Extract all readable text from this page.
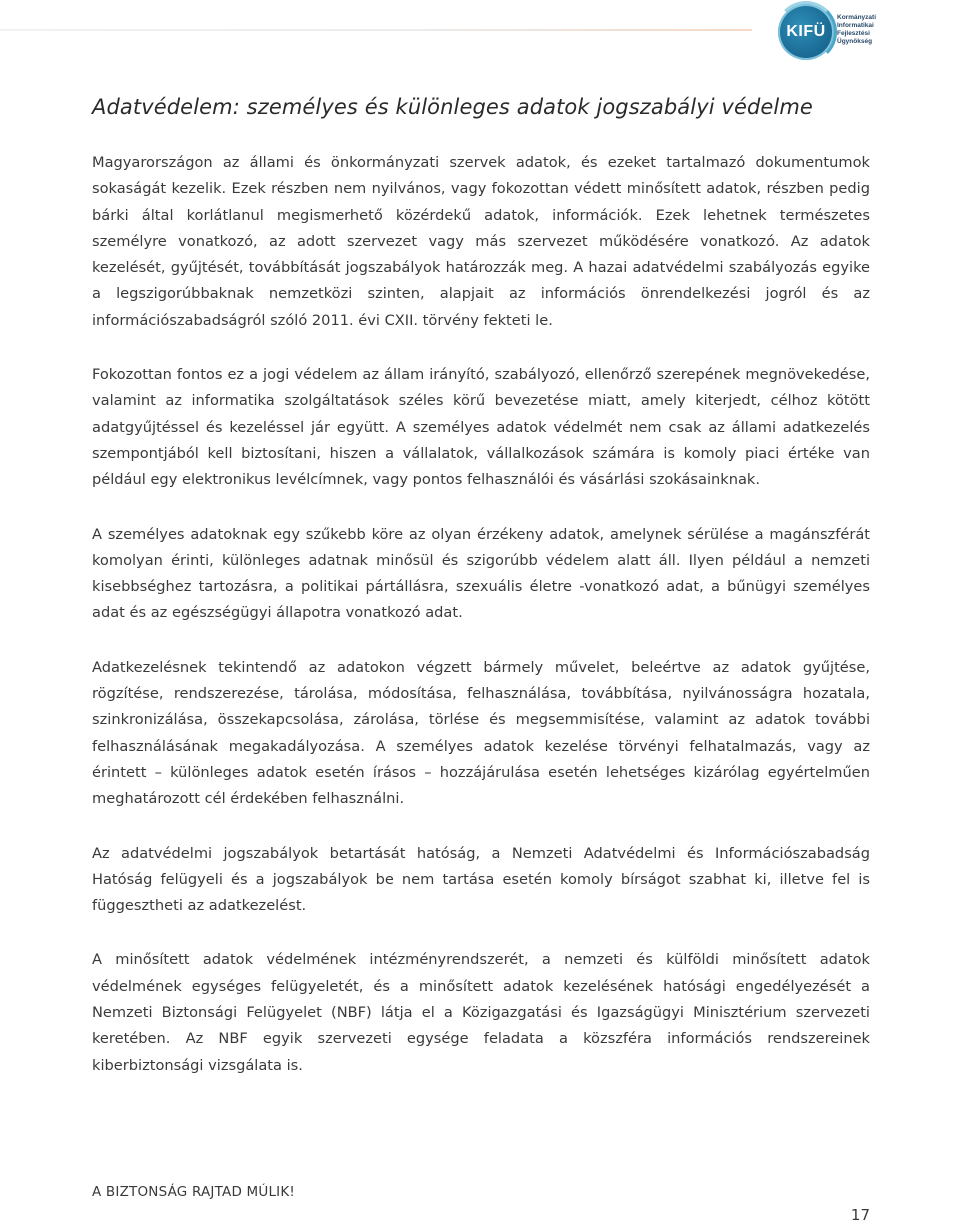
KIFÜ
Kormányzati
Informatikai
Fejlesztési
Ügynökség
Adatvédelem: személyes és különleges adatok jogszabályi védelme

Magyarországon az állami és önkormányzati szervek adatok, és ezeket tartalmazó dokumentumok sokaságát kezelik. Ezek részben nem nyilvános, vagy fokozottan védett minősített adatok, részben pedig bárki által korlátlanul megismerhető közérdekű adatok, információk. Ezek lehetnek természetes személyre vonatkozó, az adott szervezet vagy más szervezet működésére vonatkozó. Az adatok kezelését, gyűjtését, továbbítását jogszabályok határozzák meg. A hazai adatvédelmi szabályozás egyike a legszigorúbbaknak nemzetközi szinten, alapjait az információs önrendelkezési jogról és az információszabadságról szóló 2011. évi CXII. törvény fekteti le.

Fokozottan fontos ez a jogi védelem az állam irányító, szabályozó, ellenőrző szerepének megnövekedése, valamint az informatika szolgáltatások széles körű bevezetése miatt, amely kiterjedt, célhoz kötött adatgyűjtéssel és kezeléssel jár együtt. A személyes adatok védelmét nem csak az állami adatkezelés szempontjából kell biztosítani, hiszen a vállalatok, vállalkozások számára is komoly piaci értéke van például egy elektronikus levélcímnek, vagy pontos felhasználói és vásárlási szokásainknak.

A személyes adatoknak egy szűkebb köre az olyan érzékeny adatok, amelynek sérülése a magánszférát komolyan érinti, különleges adatnak minősül és szigorúbb védelem alatt áll. Ilyen például a nemzeti kisebbséghez tartozásra, a politikai pártállásra, szexuális életre -vonatkozó adat, a bűnügyi személyes adat és az egészségügyi állapotra vonatkozó adat.

Adatkezelésnek tekintendő az adatokon végzett bármely művelet, beleértve az adatok gyűjtése, rögzítése, rendszerezése, tárolása, módosítása, felhasználása, továbbítása, nyilvánosságra hozatala, szinkronizálása, összekapcsolása, zárolása, törlése és megsemmisítése, valamint az adatok további felhasználásának megakadályozása. A személyes adatok kezelése törvényi felhatalmazás, vagy az érintett – különleges adatok esetén írásos – hozzájárulása esetén lehetséges kizárólag egyértelműen meghatározott cél érdekében felhasználni.

Az adatvédelmi jogszabályok betartását hatóság, a Nemzeti Adatvédelmi és Információszabadság Hatóság felügyeli és a jogszabályok be nem tartása esetén komoly bírságot szabhat ki, illetve fel is függesztheti az adatkezelést.

A minősített adatok védelmének intézményrendszerét, a nemzeti és külföldi minősített adatok védelmének egységes felügyeletét, és a minősített adatok kezelésének hatósági engedélyezését a Nemzeti Biztonsági Felügyelet (NBF) látja el a Közigazgatási és Igazságügyi Minisztérium szervezeti keretében. Az NBF egyik szervezeti egysége feladata a közszféra információs rendszereinek kiberbiztonsági vizsgálata is.

A BIZTONSÁG RAJTAD MÚLIK!
17
